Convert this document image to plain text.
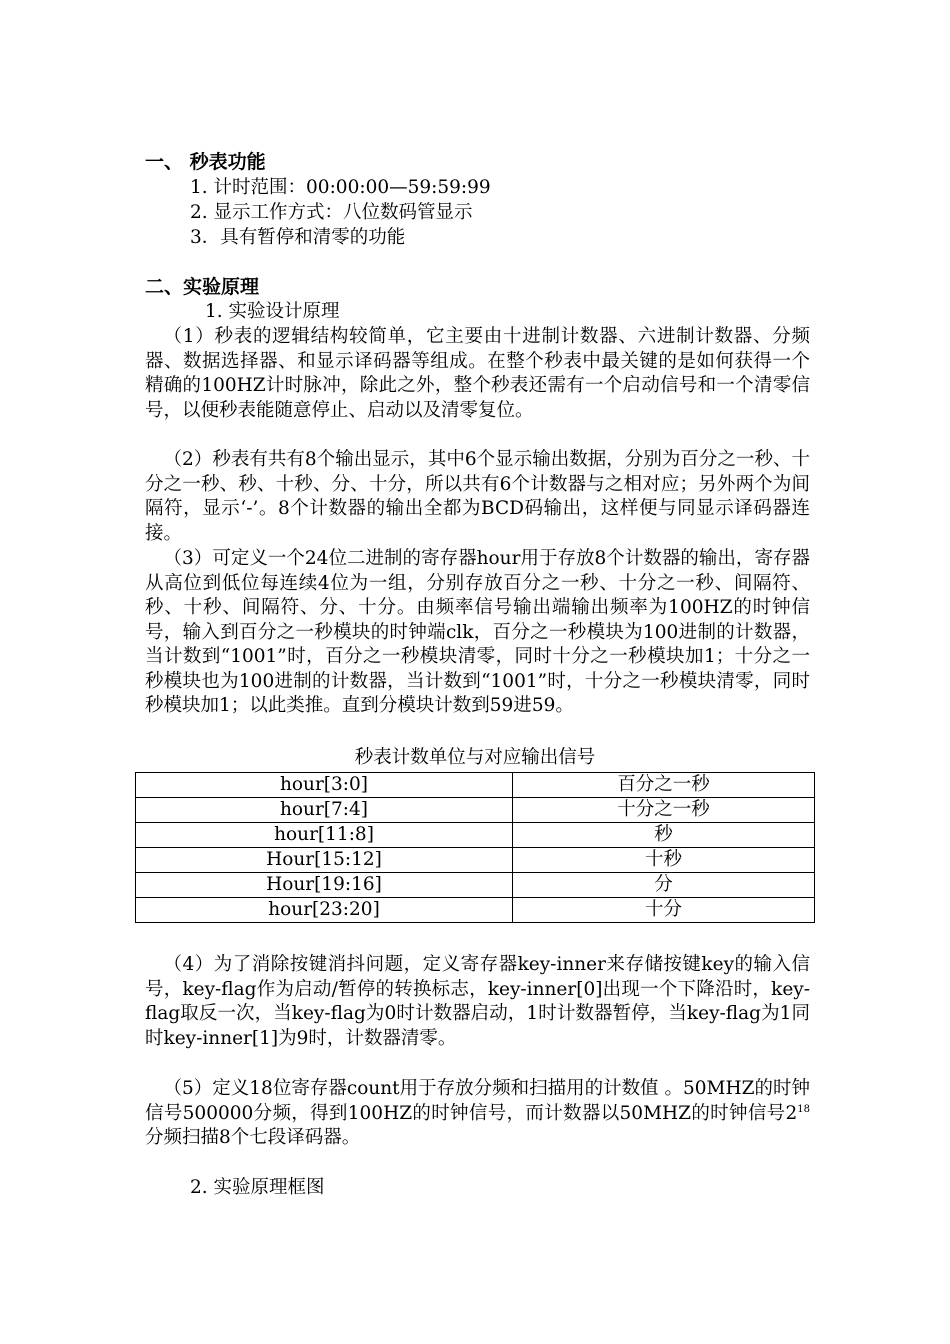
一、 秒表功能
1. 计时范围：00:00:00—59:59:99
2. 显示工作方式：八位数码管显示
3．具有暂停和清零的功能
二、实验原理
1. 实验设计原理
（1）秒表的逻辑结构较简单，它主要由十进制计数器、六进制计数器、分频器、数据选择器、和显示译码器等组成。在整个秒表中最关键的是如何获得一个精确的100HZ计时脉冲，除此之外，整个秒表还需有一个启动信号和一个清零信号，以便秒表能随意停止、启动以及清零复位。
（2）秒表有共有8个输出显示，其中6个显示输出数据，分别为百分之一秒、十分之一秒、秒、十秒、分、十分，所以共有6个计数器与之相对应；另外两个为间隔符，显示‘-’。8个计数器的输出全都为BCD码输出，这样便与同显示译码器连接。
（3）可定义一个24位二进制的寄存器hour用于存放8个计数器的输出，寄存器从高位到低位每连续4位为一组，分别存放百分之一秒、十分之一秒、间隔符、秒、十秒、间隔符、分、十分。由频率信号输出端输出频率为100HZ的时钟信号，输入到百分之一秒模块的时钟端clk，百分之一秒模块为100进制的计数器，当计数到“1001”时，百分之一秒模块清零，同时十分之一秒模块加1；十分之一秒模块也为100进制的计数器，当计数到“1001”时，十分之一秒模块清零，同时秒模块加1；以此类推。直到分模块计数到59进59。
秒表计数单位与对应输出信号
hour[3:0]	百分之一秒
hour[7:4]	十分之一秒
hour[11:8]	秒
Hour[15:12]	十秒
Hour[19:16]	分
hour[23:20]	十分
（4）为了消除按键消抖问题，定义寄存器key-inner来存储按键key的输入信号，key-flag作为启动/暂停的转换标志，key-inner[0]出现一个下降沿时，key-flag取反一次，当key-flag为0时计数器启动，1时计数器暂停，当key-flag为1同时key-inner[1]为9时，计数器清零。
（5）定义18位寄存器count用于存放分频和扫描用的计数值 。50MHZ的时钟信号500000分频，得到100HZ的时钟信号，而计数器以50MHZ的时钟信号$2^{18}$分频扫描8个七段译码器。
2. 实验原理框图
